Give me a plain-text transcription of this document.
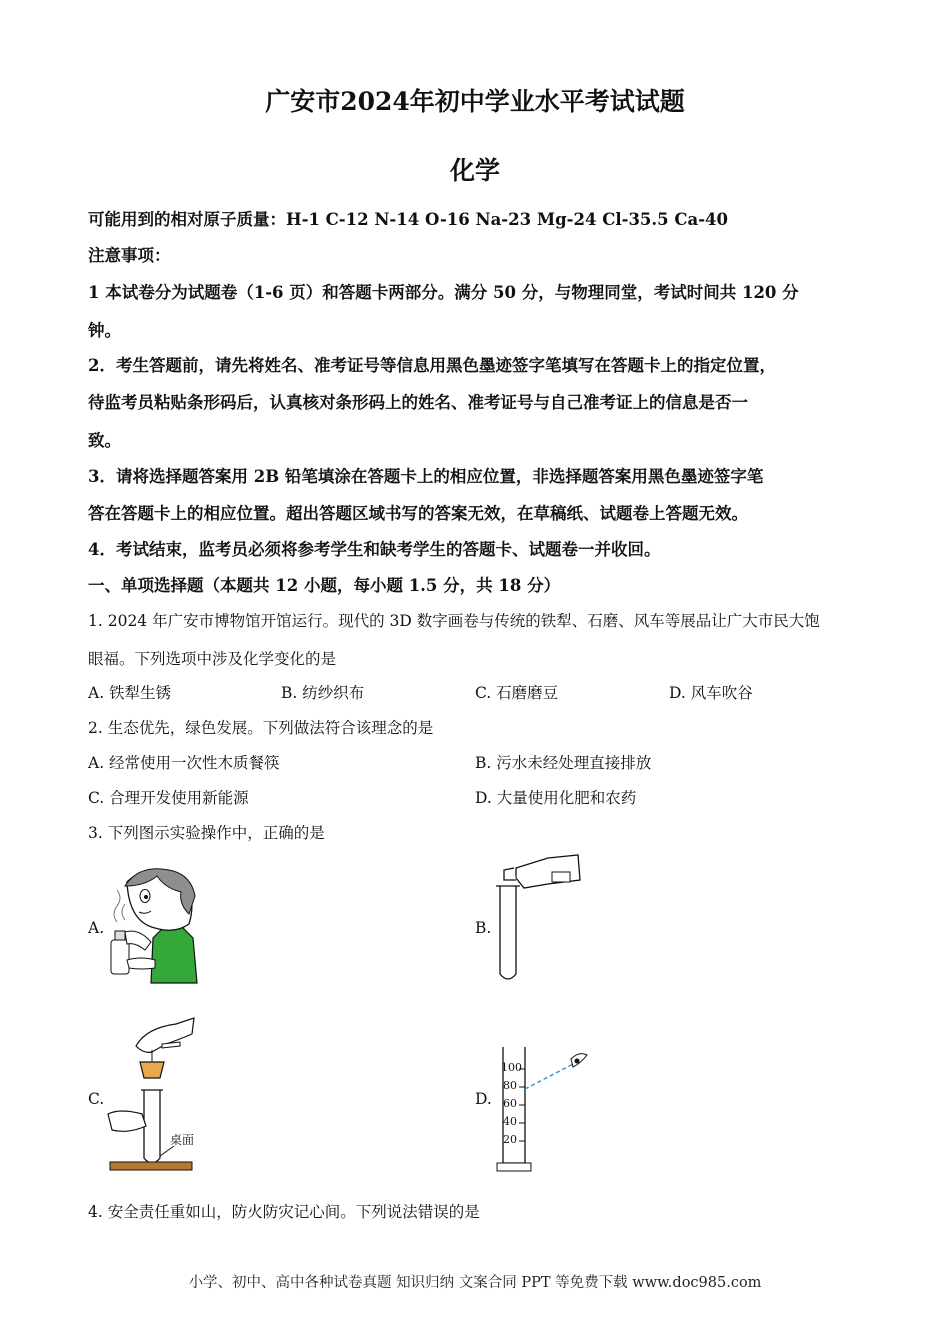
广安市2024年初中学业水平考试试题
化学
可能用到的相对原子质量：H-1 C-12 N-14 O-16 Na-23 Mg-24 Cl-35.5 Ca-40
注意事项：
1 本试卷分为试题卷（1-6 页）和答题卡两部分。满分 50 分，与物理同堂，考试时间共 120 分
钟。
2．考生答题前，请先将姓名、准考证号等信息用黑色墨迹签字笔填写在答题卡上的指定位置，
待监考员粘贴条形码后，认真核对条形码上的姓名、准考证号与自己准考证上的信息是否一
致。
3．请将选择题答案用 2B 铅笔填涂在答题卡上的相应位置，非选择题答案用黑色墨迹签字笔
答在答题卡上的相应位置。超出答题区域书写的答案无效，在草稿纸、试题卷上答题无效。
4．考试结束，监考员必须将参考学生和缺考学生的答题卡、试题卷一并收回。
一、单项选择题（本题共 12 小题，每小题 1.5 分，共 18 分）
1. 2024 年广安市博物馆开馆运行。现代的 3D 数字画卷与传统的铁犁、石磨、风车等展品让广大市民大饱
眼福。下列选项中涉及化学变化的是
A. 铁犁生锈	B. 纺纱织布	C. 石磨磨豆	D. 风车吹谷
2. 生态优先，绿色发展。下列做法符合该理念的是
A. 经常使用一次性木质餐筷	B. 污水未经处理直接排放
C. 合理开发使用新能源	D. 大量使用化肥和农药
3. 下列图示实验操作中，正确的是
A.	B.
C.
桌面
D.
100
80
60
40
20
4. 安全责任重如山，防火防灾记心间。下列说法错误的是
小学、初中、高中各种试卷真题 知识归纳 文案合同 PPT 等免费下载 www.doc985.com
